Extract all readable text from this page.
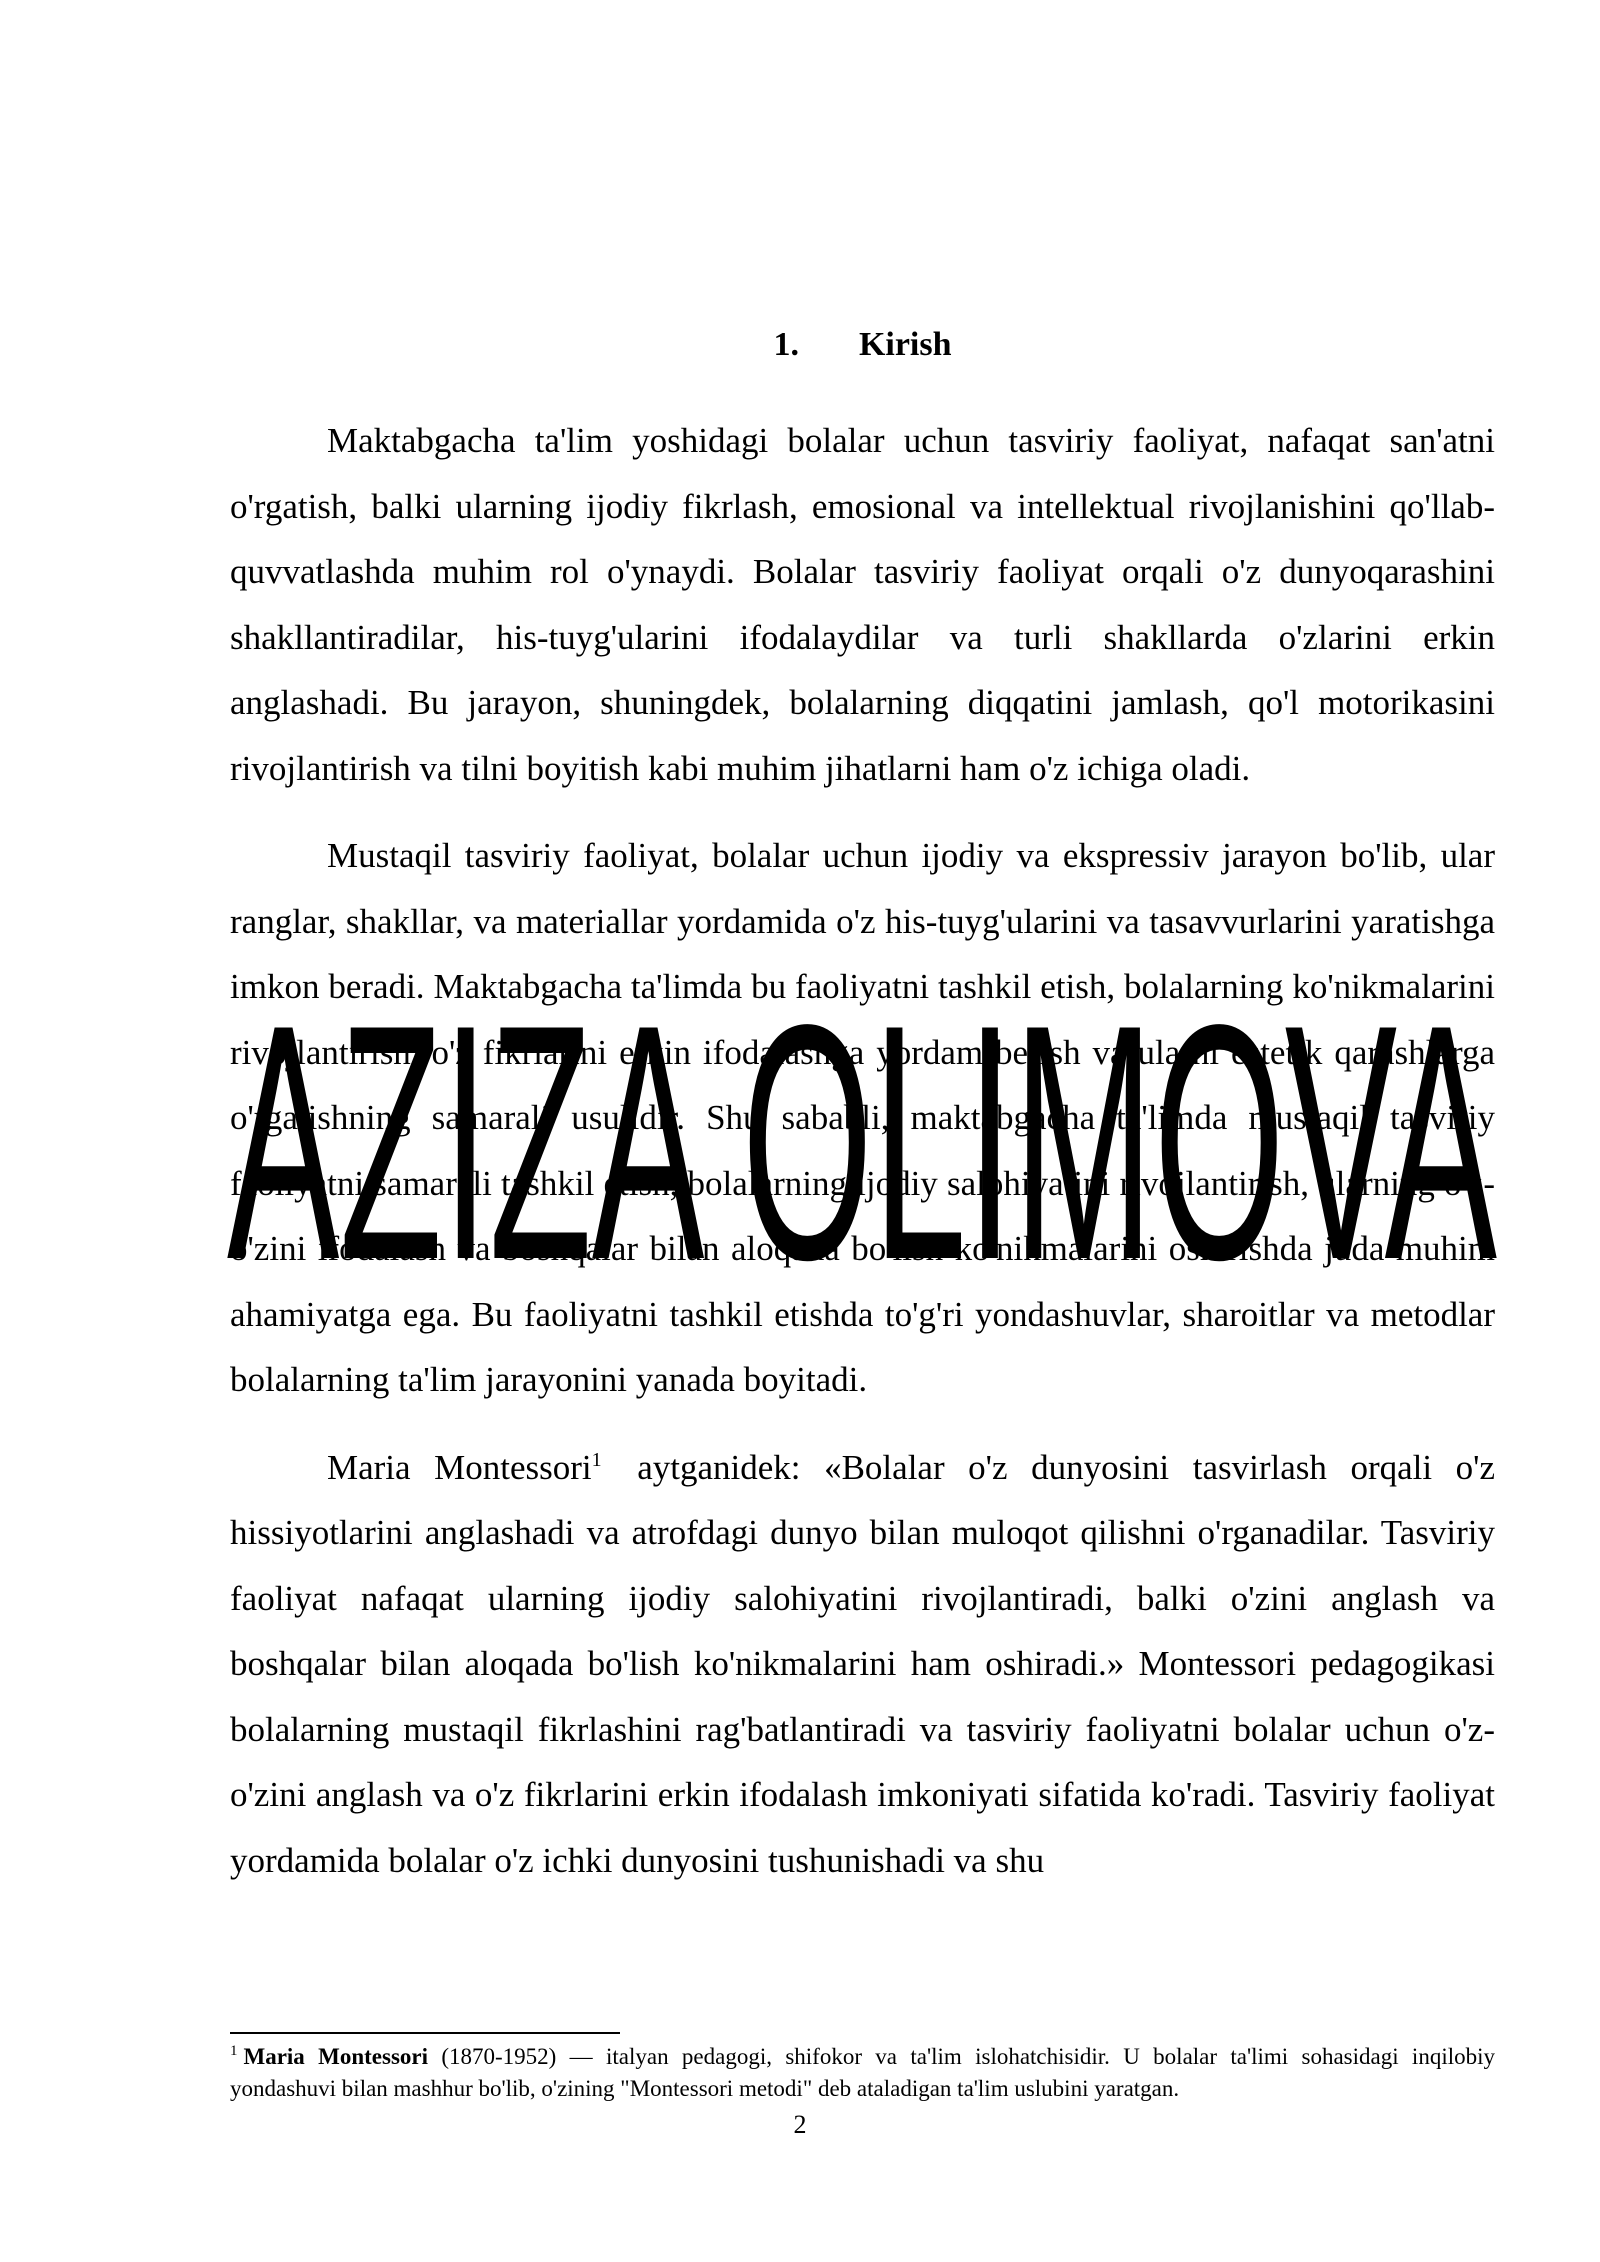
1. Kirish

Maktabgacha ta'lim yoshidagi bolalar uchun tasviriy faoliyat, nafaqat san'atni o'rgatish, balki ularning ijodiy fikrlash, emosional va intellektual rivojlanishini qo'llab-quvvatlashda muhim rol o'ynaydi. Bolalar tasviriy faoliyat orqali o'z dunyoqarashini shakllantiradilar, his-tuyg'ularini ifodalaydilar va turli shakllarda o'zlarini erkin anglashadi. Bu jarayon, shuningdek, bolalarning diqqatini jamlash, qo'l motorikasini rivojlantirish va tilni boyitish kabi muhim jihatlarni ham o'z ichiga oladi.

Mustaqil tasviriy faoliyat, bolalar uchun ijodiy va ekspressiv jarayon bo'lib, ular ranglar, shakllar, va materiallar yordamida o'z his-tuyg'ularini va tasavvurlarini yaratishga imkon beradi. Maktabgacha ta'limda bu faoliyatni tashkil etish, bolalarning ko'nikmalarini rivojlantirish, o'z fikrlarini erkin ifodalashga yordam berish va ularni estetik qarashlarga o'rgatishning samarali usulidir. Shu sababli, maktabgacha ta'limda mustaqil tasviriy faoliyatni samarali tashkil etish, bolalarning ijodiy salohiyatini rivojlantirish, ularning o'z-o'zini ifodalash va boshqalar bilan aloqada bo'lish ko'nikmalarini oshirishda juda muhim ahamiyatga ega. Bu faoliyatni tashkil etishda to'g'ri yondashuvlar, sharoitlar va metodlar bolalarning ta'lim jarayonini yanada boyitadi.

Maria Montessori$^1$ aytganidek: «Bolalar o'z dunyosini tasvirlash orqali o'z hissiyotlarini anglashadi va atrofdagi dunyo bilan muloqot qilishni o'rganadilar. Tasviriy faoliyat nafaqat ularning ijodiy salohiyatini rivojlantiradi, balki o'zini anglash va boshqalar bilan aloqada bo'lish ko'nikmalarini ham oshiradi.» Montessori pedagogikasi bolalarning mustaqil fikrlashini rag'batlantiradi va tasviriy faoliyatni bolalar uchun o'z-o'zini anglash va o'z fikrlarini erkin ifodalash imkoniyati sifatida ko'radi. Tasviriy faoliyat yordamida bolalar o'z ichki dunyosini tushunishadi va shu

$^1$ Maria Montessori (1870-1952) — italyan pedagogi, shifokor va ta'lim islohatchisidir. U bolalar ta'limi sohasidagi inqilobiy yondashuvi bilan mashhur bo'lib, o'zining "Montessori metodi" deb ataladigan ta'lim uslubini yaratgan.
2
AZIZA OLIMOVA
